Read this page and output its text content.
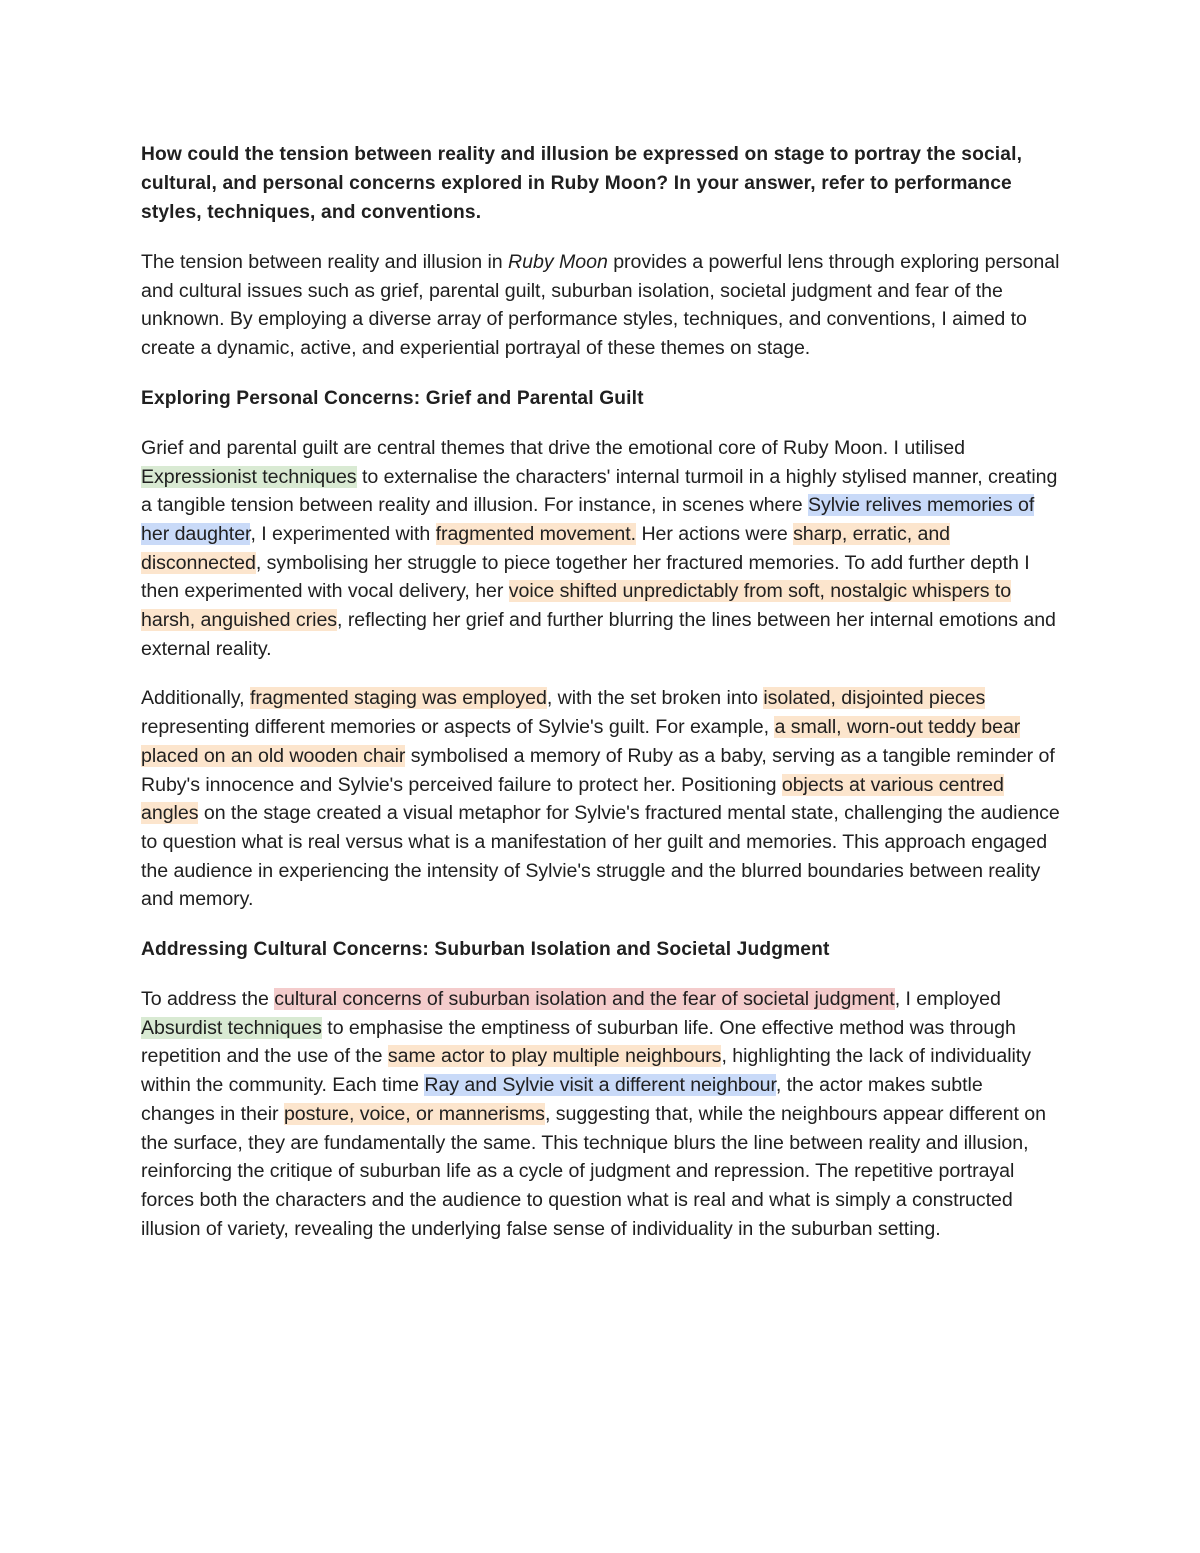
How could the tension between reality and illusion be expressed on stage to portray the social, cultural, and personal concerns explored in Ruby Moon? In your answer, refer to performance styles, techniques, and conventions.

The tension between reality and illusion in Ruby Moon provides a powerful lens through exploring personal and cultural issues such as grief, parental guilt, suburban isolation, societal judgment and fear of the unknown. By employing a diverse array of performance styles, techniques, and conventions, I aimed to create a dynamic, active, and experiential portrayal of these themes on stage.

Exploring Personal Concerns: Grief and Parental Guilt

Grief and parental guilt are central themes that drive the emotional core of Ruby Moon. I utilised Expressionist techniques to externalise the characters' internal turmoil in a highly stylised manner, creating a tangible tension between reality and illusion. For instance, in scenes where Sylvie relives memories of her daughter, I experimented with fragmented movement. Her actions were sharp, erratic, and disconnected, symbolising her struggle to piece together her fractured memories. To add further depth I then experimented with vocal delivery, her voice shifted unpredictably from soft, nostalgic whispers to harsh, anguished cries, reflecting her grief and further blurring the lines between her internal emotions and external reality.

Additionally, fragmented staging was employed, with the set broken into isolated, disjointed pieces representing different memories or aspects of Sylvie's guilt. For example, a small, worn-out teddy bear placed on an old wooden chair symbolised a memory of Ruby as a baby, serving as a tangible reminder of Ruby's innocence and Sylvie's perceived failure to protect her. Positioning objects at various centred angles on the stage created a visual metaphor for Sylvie's fractured mental state, challenging the audience to question what is real versus what is a manifestation of her guilt and memories. This approach engaged the audience in experiencing the intensity of Sylvie's struggle and the blurred boundaries between reality and memory.

Addressing Cultural Concerns: Suburban Isolation and Societal Judgment

To address the cultural concerns of suburban isolation and the fear of societal judgment, I employed Absurdist techniques to emphasise the emptiness of suburban life. One effective method was through repetition and the use of the same actor to play multiple neighbours, highlighting the lack of individuality within the community. Each time Ray and Sylvie visit a different neighbour, the actor makes subtle changes in their posture, voice, or mannerisms, suggesting that, while the neighbours appear different on the surface, they are fundamentally the same. This technique blurs the line between reality and illusion, reinforcing the critique of suburban life as a cycle of judgment and repression. The repetitive portrayal forces both the characters and the audience to question what is real and what is simply a constructed illusion of variety, revealing the underlying false sense of individuality in the suburban setting.
